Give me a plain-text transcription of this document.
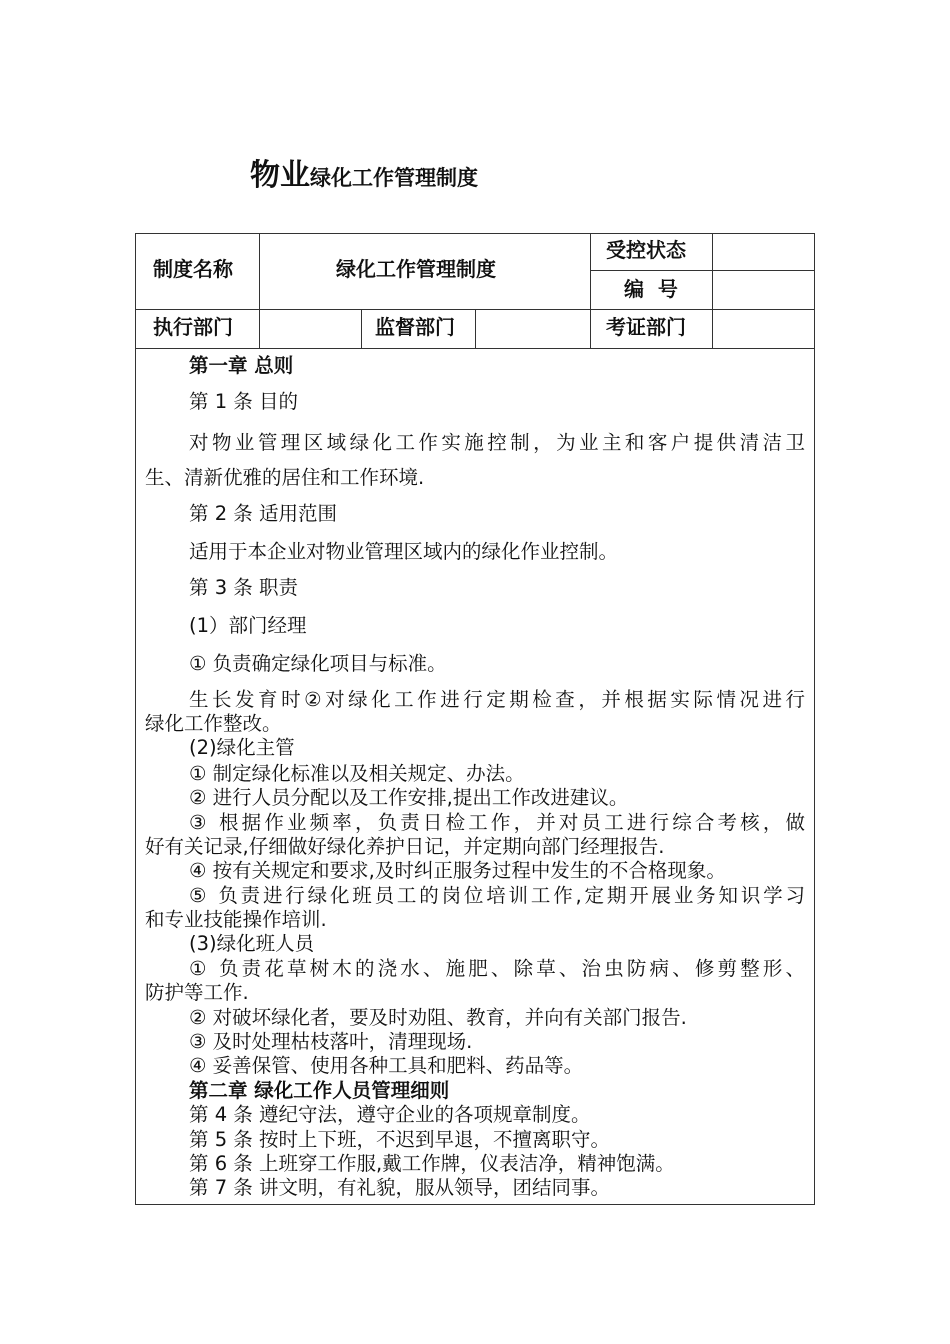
物业绿化工作管理制度
制度名称	绿化工作管理制度
受控状态
编  号
执行部门	监督部门	考证部门
第一章 总则
第 1 条 目的
对物业管理区域绿化工作实施控制，为业主和客户提供清洁卫
生、清新优雅的居住和工作环境.
第 2 条 适用范围
适用于本企业对物业管理区域内的绿化作业控制。
第 3 条 职责
(1）部门经理
① 负责确定绿化项目与标准。
生长发育时②对绿化工作进行定期检查，并根据实际情况进行
绿化工作整改。
(2)绿化主管
① 制定绿化标准以及相关规定、办法。
② 进行人员分配以及工作安排,提出工作改进建议。
③ 根据作业频率，负责日检工作，并对员工进行综合考核，做
好有关记录,仔细做好绿化养护日记，并定期向部门经理报告.
④ 按有关规定和要求,及时纠正服务过程中发生的不合格现象。
⑤ 负责进行绿化班员工的岗位培训工作,定期开展业务知识学习
和专业技能操作培训.
(3)绿化班人员
① 负责花草树木的浇水、施肥、除草、治虫防病、修剪整形、
防护等工作.
② 对破坏绿化者，要及时劝阻、教育，并向有关部门报告.
③ 及时处理枯枝落叶，清理现场.
④ 妥善保管、使用各种工具和肥料、药品等。
第二章 绿化工作人员管理细则
第 4 条 遵纪守法，遵守企业的各项规章制度。
第 5 条 按时上下班，不迟到早退，不擅离职守。
第 6 条 上班穿工作服,戴工作牌，仪表洁净，精神饱满。
第 7 条 讲文明，有礼貌，服从领导，团结同事。
